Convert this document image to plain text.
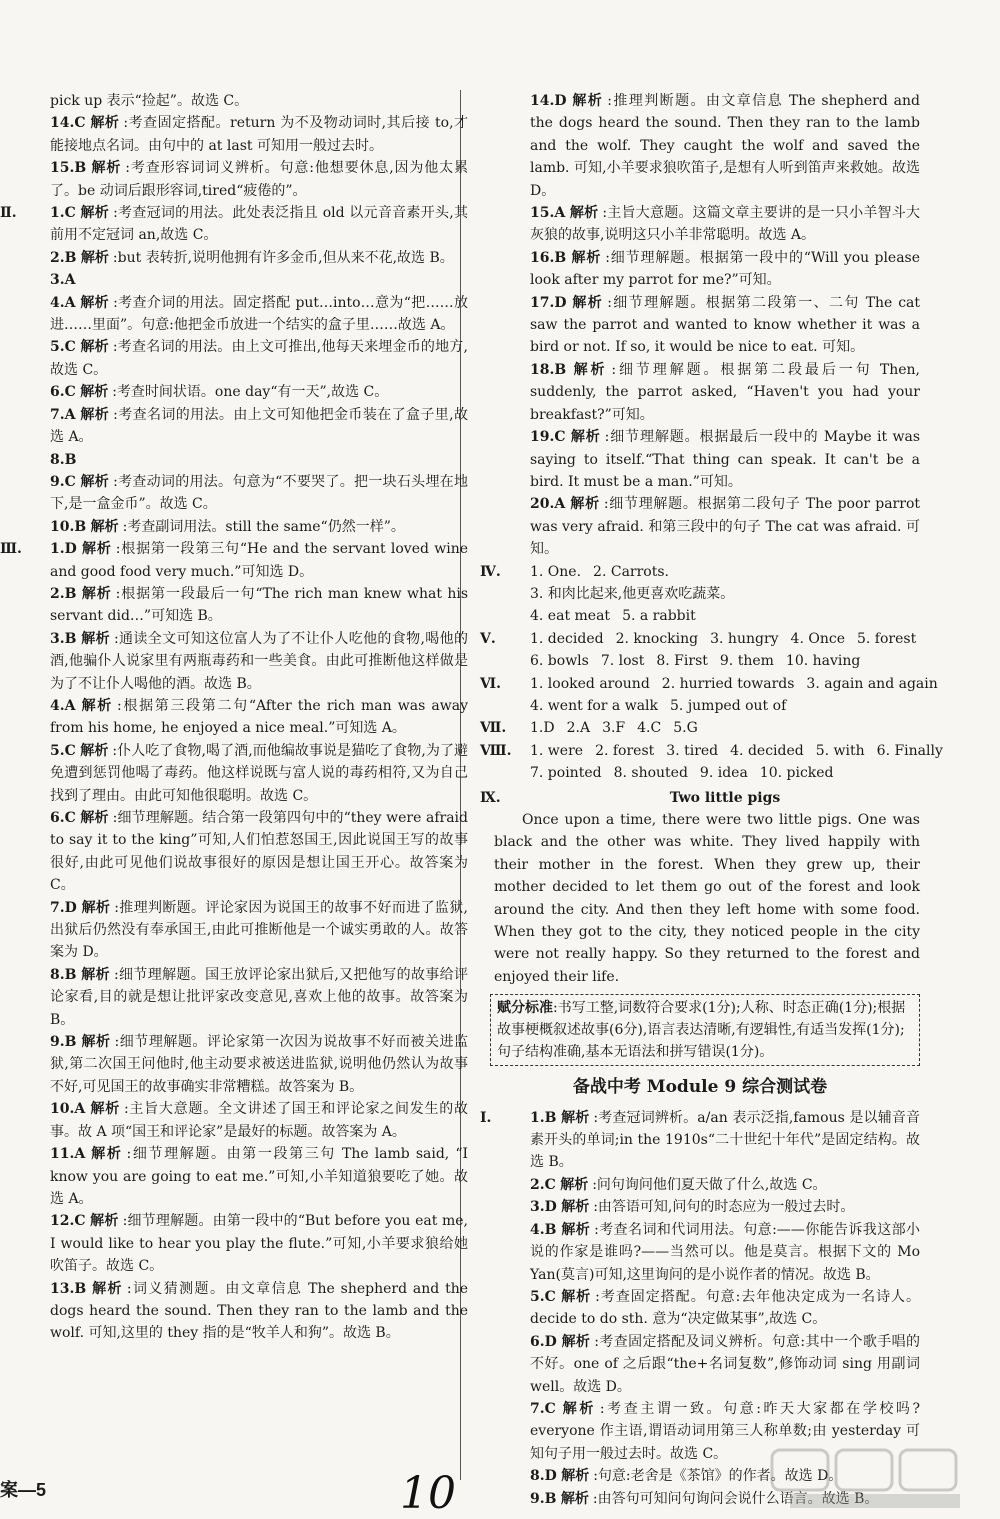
pick up 表示“捡起”。故选 C。

14.C 解析 :考查固定搭配。return 为不及物动词时,其后接 to,才能接地点名词。由句中的 at last 可知用一般过去时。

15.B 解析 :考查形容词词义辨析。句意:他想要休息,因为他太累了。be 动词后跟形容词,tired“疲倦的”。

Ⅱ.	1.C 解析 :考查冠词的用法。此处表泛指且 old 以元音音素开头,其前用不定冠词 an,故选 C。

2.B 解析 :but 表转折,说明他拥有许多金币,但从来不花,故选 B。

3.A

4.A 解析 :考查介词的用法。固定搭配 put…into…意为“把……放进……里面”。句意:他把金币放进一个结实的盒子里……故选 A。

5.C 解析 :考查名词的用法。由上文可推出,他每天来埋金币的地方,故选 C。

6.C 解析 :考查时间状语。one day“有一天”,故选 C。

7.A 解析 :考查名词的用法。由上文可知他把金币装在了盒子里,故选 A。

8.B

9.C 解析 :考查动词的用法。句意为“不要哭了。把一块石头埋在地下,是一盒金币”。故选 C。

10.B 解析 :考查副词用法。still the same“仍然一样”。

Ⅲ. 1.D 解析 :根据第一段第三句“He and the servant loved wine and good food very much.”可知选 D。

2.B 解析 :根据第一段最后一句“The rich man knew what his servant did…”可知选 B。

3.B 解析 :通读全文可知这位富人为了不让仆人吃他的食物,喝他的酒,他骗仆人说家里有两瓶毒药和一些美食。由此可推断他这样做是为了不让仆人喝他的酒。故选 B。

4.A 解析 :根据第三段第二句“After the rich man was away from his home, he enjoyed a nice meal.”可知选 A。

5.C 解析 :仆人吃了食物,喝了酒,而他编故事说是猫吃了食物,为了避免遭到惩罚他喝了毒药。他这样说既与富人说的毒药相符,又为自己找到了理由。由此可知他很聪明。故选 C。

6.C 解析 :细节理解题。结合第一段第四句中的“they were afraid to say it to the king”可知,人们怕惹怒国王,因此说国王写的故事很好,由此可见他们说故事很好的原因是想让国王开心。故答案为 C。

7.D 解析 :推理判断题。评论家因为说国王的故事不好而进了监狱,出狱后仍然没有奉承国王,由此可推断他是一个诚实勇敢的人。故答案为 D。

8.B 解析 :细节理解题。国王放评论家出狱后,又把他写的故事给评论家看,目的就是想让批评家改变意见,喜欢上他的故事。故答案为 B。

9.B 解析 :细节理解题。评论家第一次因为说故事不好而被关进监狱,第二次国王问他时,他主动要求被送进监狱,说明他仍然认为故事不好,可见国王的故事确实非常糟糕。故答案为 B。

10.A 解析 :主旨大意题。全文讲述了国王和评论家之间发生的故事。故 A 项“国王和评论家”是最好的标题。故答案为 A。

11.A 解析 :细节理解题。由第一段第三句 The lamb said, “I know you are going to eat me.”可知,小羊知道狼要吃了她。故选 A。

12.C 解析 :细节理解题。由第一段中的“But before you eat me, I would like to hear you play the flute.”可知,小羊要求狼给她吹笛子。故选 C。

13.B 解析 :词义猜测题。由文章信息 The shepherd and the dogs heard the sound. Then they ran to the lamb and the wolf. 可知,这里的 they 指的是“牧羊人和狗”。故选 B。

14.D 解析 :推理判断题。由文章信息 The shepherd and the dogs heard the sound. Then they ran to the lamb and the wolf. They caught the wolf and saved the lamb. 可知,小羊要求狼吹笛子,是想有人听到笛声来救她。故选 D。

15.A 解析 :主旨大意题。这篇文章主要讲的是一只小羊智斗大灰狼的故事,说明这只小羊非常聪明。故选 A。

16.B 解析 :细节理解题。根据第一段中的“Will you please look after my parrot for me?”可知。

17.D 解析 :细节理解题。根据第二段第一、二句 The cat saw the parrot and wanted to know whether it was a bird or not. If so, it would be nice to eat. 可知。

18.B 解析 :细节理解题。根据第二段最后一句 Then, suddenly, the parrot asked, “Haven't you had your breakfast?”可知。

19.C 解析 :细节理解题。根据最后一段中的 Maybe it was saying to itself.“That thing can speak. It can't be a bird. It must be a man.”可知。

20.A 解析 :细节理解题。根据第二段句子 The poor parrot was very afraid. 和第三段中的句子 The cat was afraid. 可知。

Ⅳ. 1. One. 2. Carrots.
3. 和肉比起来,他更喜欢吃蔬菜。
4. eat meat 5. a rabbit
Ⅴ.	1. decided 2. knocking 3. hungry 4. Once 5. forest
6. bowls 7. lost 8. First 9. them 10. having
Ⅵ. 1. looked around 2. hurried towards 3. again and again
4. went for a walk 5. jumped out of
Ⅶ. 1.D 2.A 3.F 4.C 5.G
Ⅷ. 1. were 2. forest 3. tired 4. decided 5. with 6. Finally
7. pointed 8. shouted 9. idea 10. picked
Ⅸ.	Two little pigs

Once upon a time, there were two little pigs. One was black and the other was white. They lived happily with their mother in the forest. When they grew up, their mother decided to let them go out of the forest and look around the city. And then they left home with some food. When they got to the city, they noticed people in the city were not really happy. So they returned to the forest and enjoyed their life.

赋分标准:书写工整,词数符合要求(1分);人称、时态正确(1分);根据故事梗概叙述故事(6分),语言表达清晰,有逻辑性,有适当发挥(1分);句子结构准确,基本无语法和拼写错误(1分)。
备战中考 Module 9 综合测试卷

Ⅰ.	1.B 解析 :考查冠词辨析。a/an 表示泛指,famous 是以辅音音素开头的单词;in the 1910s“二十世纪十年代”是固定结构。故选 B。

2.C 解析 :问句询问他们夏天做了什么,故选 C。

3.D 解析 :由答语可知,问句的时态应为一般过去时。

4.B 解析 :考查名词和代词用法。句意:——你能告诉我这部小说的作家是谁吗?——当然可以。他是莫言。根据下文的 Mo Yan(莫言)可知,这里询问的是小说作者的情况。故选 B。

5.C 解析 :考查固定搭配。句意:去年他决定成为一名诗人。decide to do sth. 意为“决定做某事”,故选 C。

6.D 解析 :考查固定搭配及词义辨析。句意:其中一个歌手唱的不好。one of 之后跟“the+名词复数”,修饰动词 sing 用副词 well。故选 D。

7.C 解析 :考查主谓一致。句意:昨天大家都在学校吗?everyone 作主语,谓语动词用第三人称单数;由 yesterday 可知句子用一般过去时。故选 C。

8.D 解析 :句意:老舍是《茶馆》的作者。故选 D。

9.B 解析 :由答句可知问句询问会说什么语言。故选 B。

案—5	10
